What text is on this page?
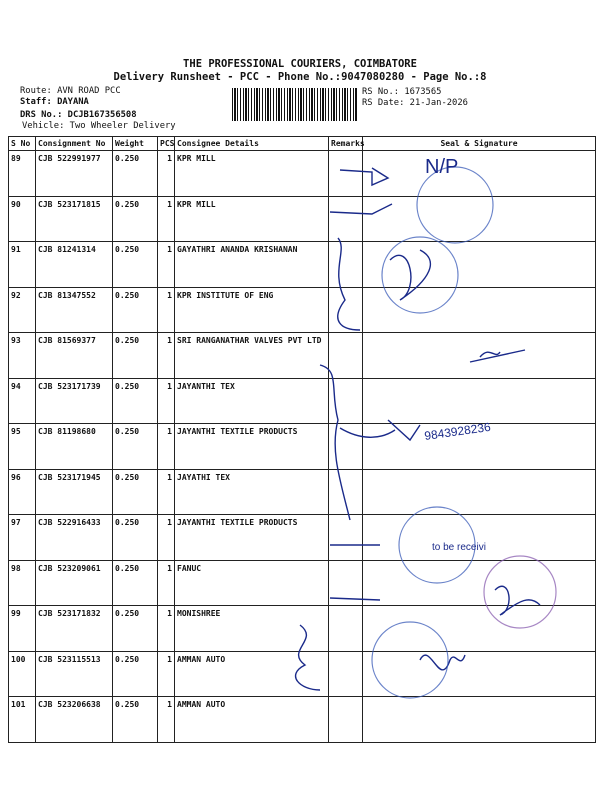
THE PROFESSIONAL COURIERS, COIMBATORE
Delivery Runsheet - PCC - Phone No.:9047080280 - Page No.:8
Route: AVN ROAD PCC
Staff: DAYANA
DRS No.: DCJB167356508
Vehicle: Two Wheeler Delivery
RS No.: 1673565
RS Date: 21-Jan-2026
S No	Consignment No	Weight	PCS	Consignee Details	Remarks	Seal & Signature
89	CJB 522991977	0.250	1	KPR MILL		
90	CJB 523171815	0.250	1	KPR MILL		
91	CJB 81241314	0.250	1	GAYATHRI ANANDA KRISHANAN		
92	CJB 81347552	0.250	1	KPR INSTITUTE OF ENG		
93	CJB 81569377	0.250	1	SRI RANGANATHAR VALVES PVT LTD		
94	CJB 523171739	0.250	1	JAYANTHI TEX		
95	CJB 81198680	0.250	1	JAYANTHI TEXTILE PRODUCTS		
96	CJB 523171945	0.250	1	JAYATHI TEX		
97	CJB 522916433	0.250	1	JAYANTHI TEXTILE PRODUCTS		
98	CJB 523209061	0.250	1	FANUC		
99	CJB 523171832	0.250	1	MONISHREE		
100	CJB 523115513	0.250	1	AMMAN AUTO		
101	CJB 523206638	0.250	1	AMMAN AUTO		
N/P
9843928236
to be receivi
